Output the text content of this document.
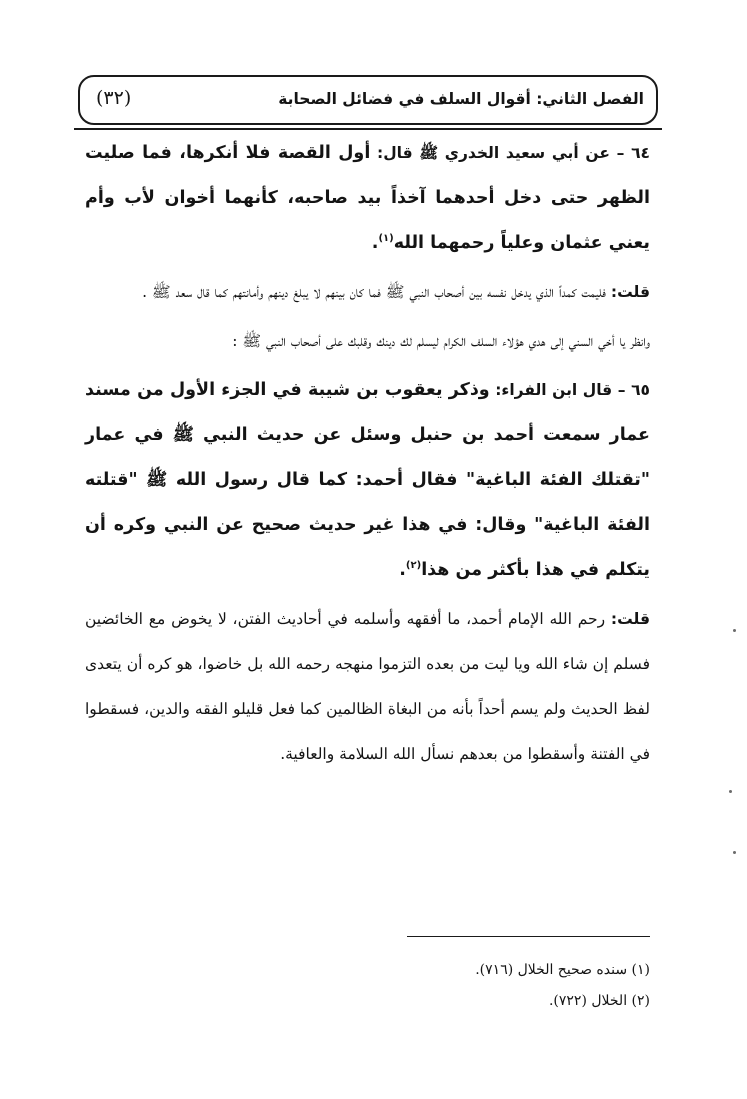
الفصل الثاني: أقوال السلف في فضائل الصحابة
(٣٢)

٦٤ – عن أبي سعيد الخدري ﷺ قال: أول القصة فلا أنكرها، فما صليت الظهر حتى دخل أحدهما آخذاً بيد صاحبه، كأنهما أخوان لأب وأم يعني عثمان وعلياً رحمهما الله$^{(١)}$.

قلت: فليمت كمداً الذي يدخل نفسه بين أصحاب النبي ﷺ فما كان بينهم لا يبلغ دينهم وأمانتهم كما قال سعد ﷺ .

وانظر يا أخي السني إلى هدي هؤلاء السلف الكرام ليسلم لك دينك وقلبك على أصحاب النبي ﷺ :

٦٥ – قال ابن الفراء: وذكر يعقوب بن شيبة في الجزء الأول من مسند عمار سمعت أحمد بن حنبل وسئل عن حديث النبي ﷺ في عمار "تقتلك الفئة الباغية" فقال أحمد: كما قال رسول الله ﷺ "قتلته الفئة الباغية" وقال: في هذا غير حديث صحيح عن النبي وكره أن يتكلم في هذا بأكثر من هذا$^{(٢)}$.

قلت: رحم الله الإمام أحمد، ما أفقهه وأسلمه في أحاديث الفتن، لا يخوض مع الخائضين فسلم إن شاء الله ويا ليت من بعده التزموا منهجه رحمه الله بل خاضوا، هو كره أن يتعدى لفظ الحديث ولم يسم أحداً بأنه من البغاة الظالمين كما فعل قليلو الفقه والدين، فسقطوا في الفتنة وأسقطوا من بعدهم نسأل الله السلامة والعافية.

(١) سنده صحيح الخلال (٧١٦).

(٢) الخلال (٧٢٢).
